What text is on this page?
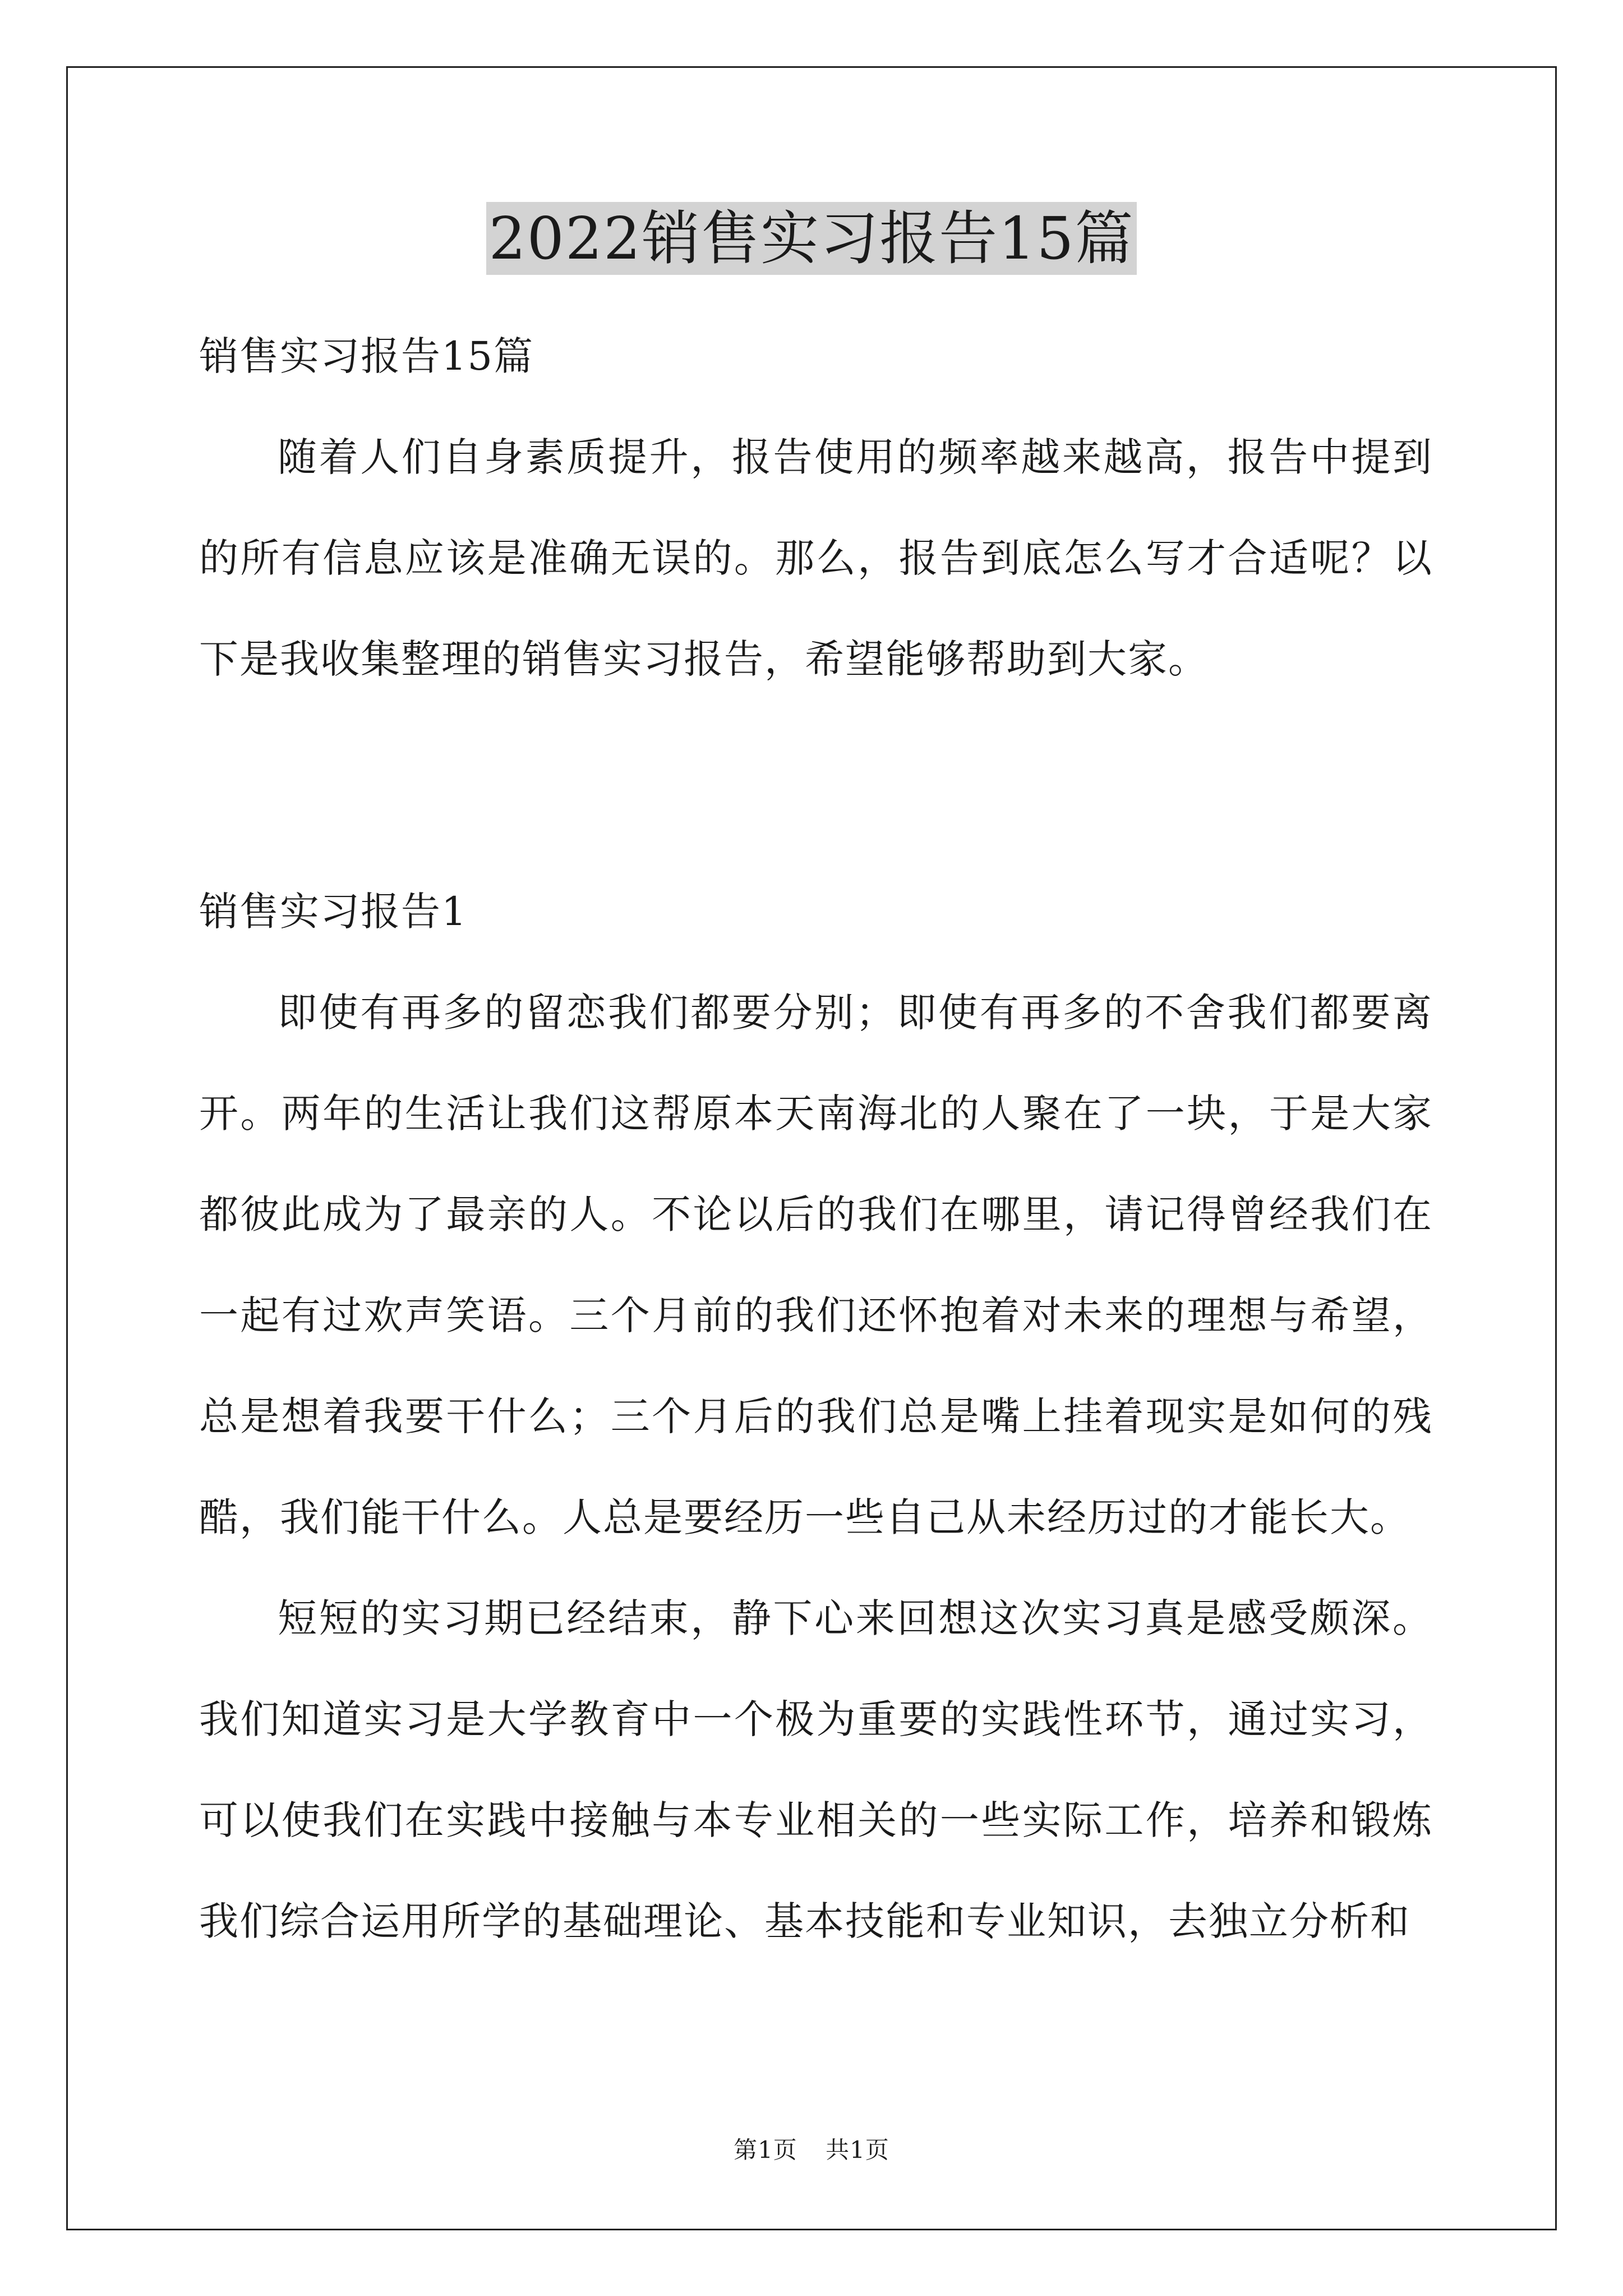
2022销售实习报告15篇

销售实习报告15篇

随着人们自身素质提升，报告使用的频率越来越高，报告中提到的所有信息应该是准确无误的。那么，报告到底怎么写才合适呢？以下是我收集整理的销售实习报告，希望能够帮助到大家。

销售实习报告1

即使有再多的留恋我们都要分别；即使有再多的不舍我们都要离开。两年的生活让我们这帮原本天南海北的人聚在了一块，于是大家都彼此成为了最亲的人。不论以后的我们在哪里，请记得曾经我们在一起有过欢声笑语。三个月前的我们还怀抱着对未来的理想与希望，总是想着我要干什么；三个月后的我们总是嘴上挂着现实是如何的残酷，我们能干什么。人总是要经历一些自己从未经历过的才能长大。

短短的实习期已经结束，静下心来回想这次实习真是感受颇深。我们知道实习是大学教育中一个极为重要的实践性环节，通过实习，可以使我们在实践中接触与本专业相关的一些实际工作，培养和锻炼我们综合运用所学的基础理论、基本技能和专业知识，去独立分析和

第1页 共1页
